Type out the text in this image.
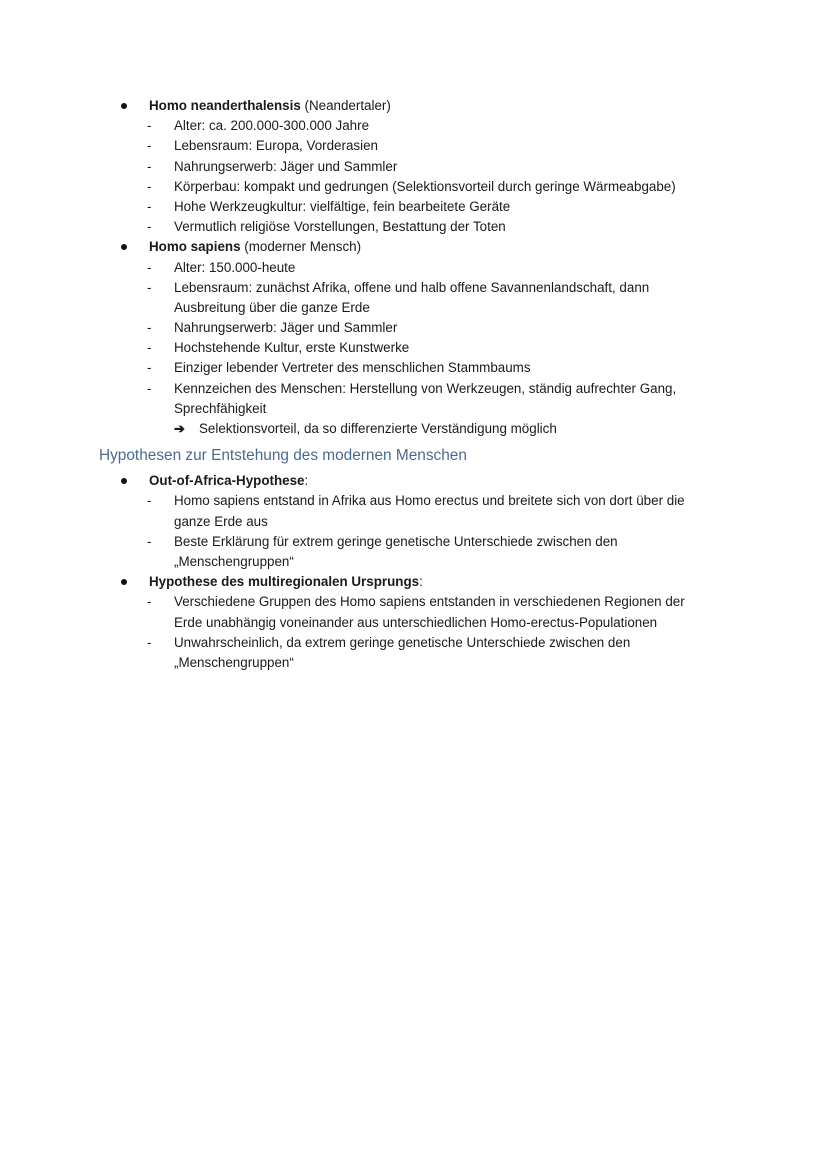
Homo neanderthalensis (Neandertaler)
- Alter: ca. 200.000-300.000 Jahre
- Lebensraum: Europa, Vorderasien
- Nahrungserwerb: Jäger und Sammler
- Körperbau: kompakt und gedrungen (Selektionsvorteil durch geringe Wärmeabgabe)
- Hohe Werkzeugkultur: vielfältige, fein bearbeitete Geräte
- Vermutlich religiöse Vorstellungen, Bestattung der Toten
Homo sapiens (moderner Mensch)
- Alter: 150.000-heute
- Lebensraum: zunächst Afrika, offene und halb offene Savannenlandschaft, dann
Ausbreitung über die ganze Erde
- Nahrungserwerb: Jäger und Sammler
- Hochstehende Kultur, erste Kunstwerke
- Einziger lebender Vertreter des menschlichen Stammbaums
- Kennzeichen des Menschen: Herstellung von Werkzeugen, ständig aufrechter Gang,
Sprechfähigkeit
➔ Selektionsvorteil, da so differenzierte Verständigung möglich
Hypothesen zur Entstehung des modernen Menschen
Out-of-Africa-Hypothese:
- Homo sapiens entstand in Afrika aus Homo erectus und breitete sich von dort über die
ganze Erde aus
- Beste Erklärung für extrem geringe genetische Unterschiede zwischen den
„Menschengruppen“
Hypothese des multiregionalen Ursprungs:
- Verschiedene Gruppen des Homo sapiens entstanden in verschiedenen Regionen der
Erde unabhängig voneinander aus unterschiedlichen Homo-erectus-Populationen
- Unwahrscheinlich, da extrem geringe genetische Unterschiede zwischen den
„Menschengruppen“
